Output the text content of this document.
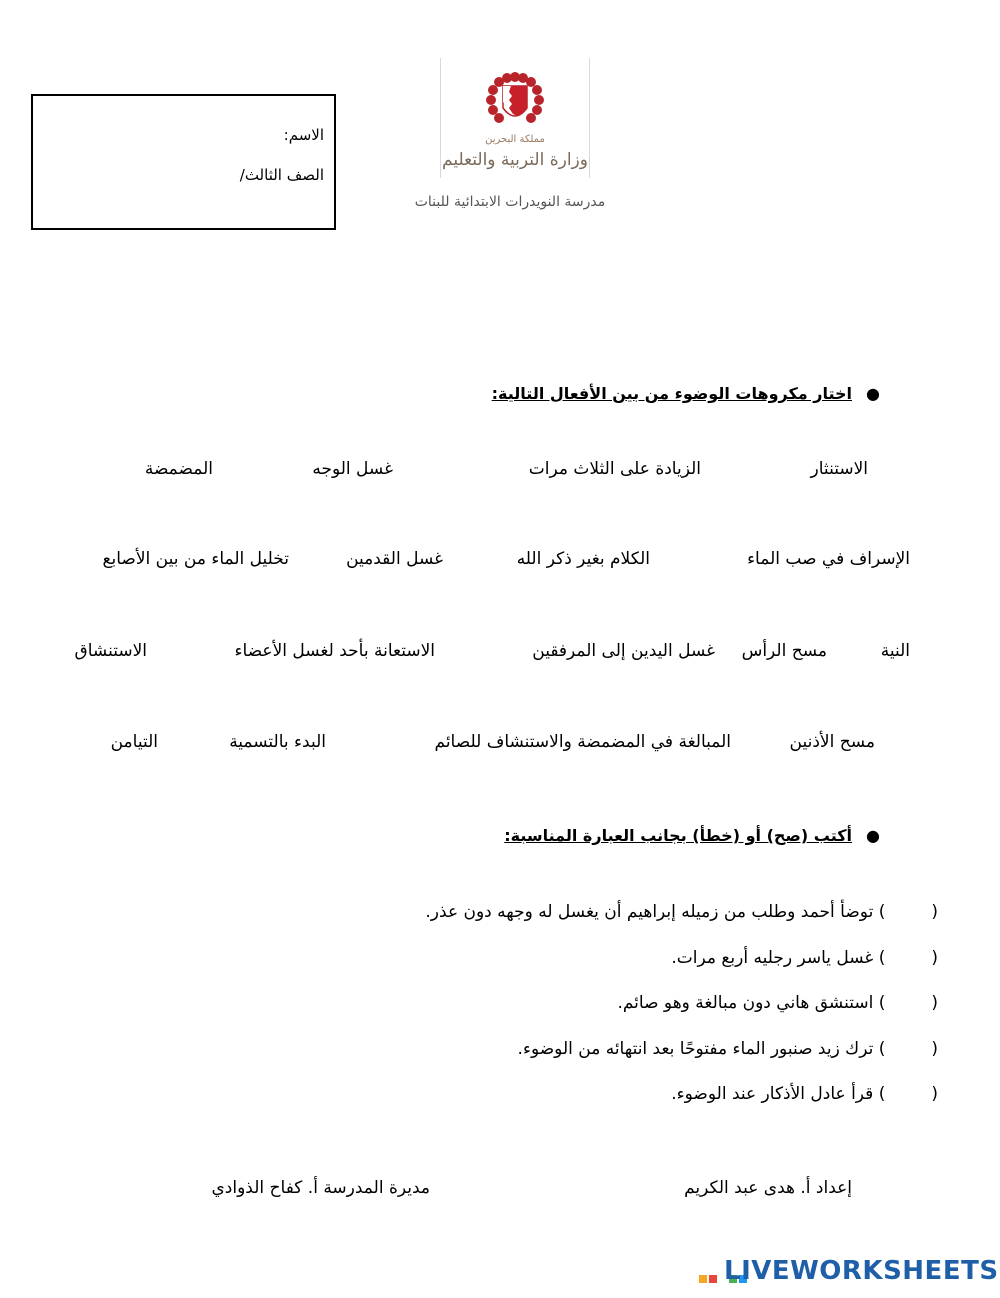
الاسم:
الصف الثالث/
مملكة البحرين
وزارة التربية والتعليم
مدرسة النويدرات الابتدائية للبنات
●اختار مكروهات الوضوء من بين الأفعال التالية:
الاستنثار
الزيادة على الثلاث مرات
غسل الوجه
المضمضة
الإسراف في صب الماء
الكلام بغير ذكر الله
غسل القدمين
تخليل الماء من بين الأصابع
النية
مسح الرأس
غسل اليدين إلى المرفقين
الاستعانة بأحد لغسل الأعضاء
الاستنشاق
مسح الأذنين
المبالغة في المضمضة والاستنشاف للصائم
البدء بالتسمية
التيامن
●أكتب (صح) أو (خطأ) بجانب العبارة المناسبة:
() توضأ أحمد وطلب من زميله إبراهيم أن يغسل له وجهه دون عذر.
() غسل ياسر رجليه أربع مرات.
() استنشق هاني دون مبالغة وهو صائم.
() ترك زيد صنبور الماء مفتوحًا بعد انتهائه من الوضوء.
() قرأ عادل الأذكار عند الوضوء.
إعداد أ. هدى عبد الكريم
مديرة المدرسة أ. كفاح الذوادي
LIVEWORKSHEETS
